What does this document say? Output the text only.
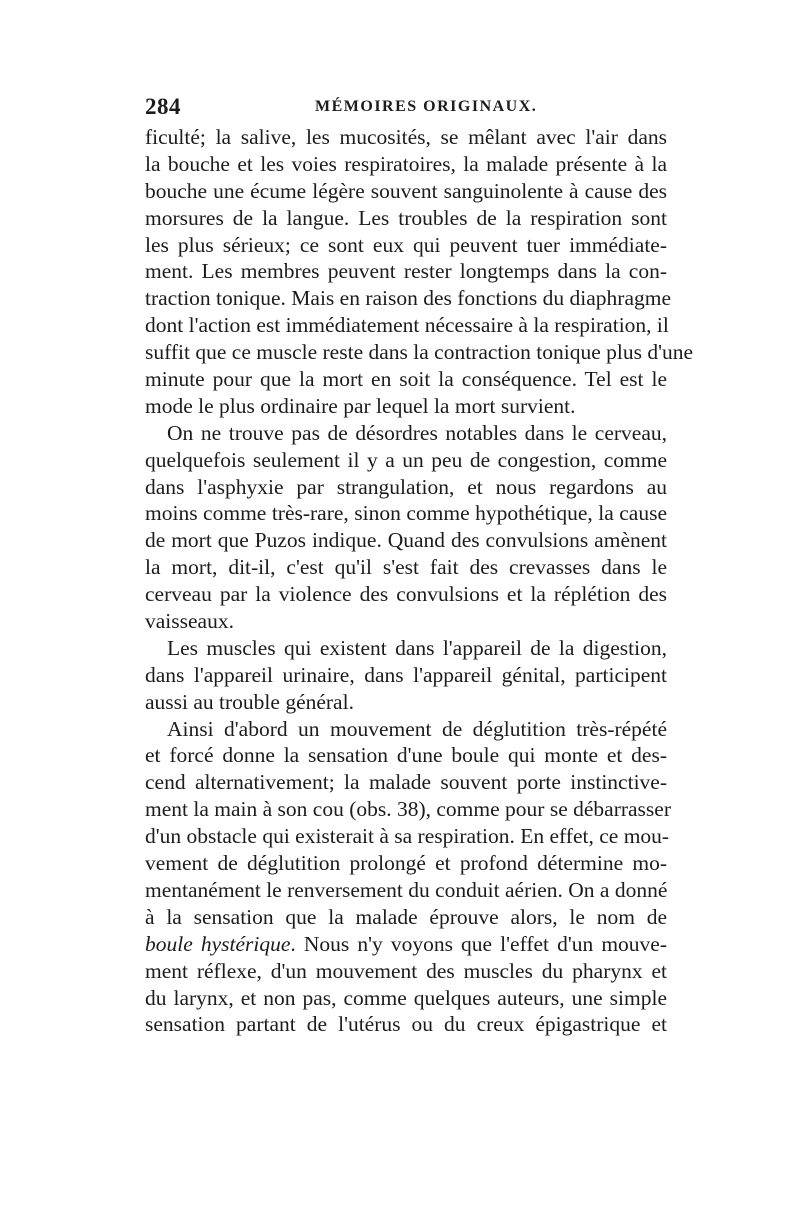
284	MÉMOIRES ORIGINAUX.
ficulté; la salive, les mucosités, se mêlant avec l'air dans
la bouche et les voies respiratoires, la malade présente à la
bouche une écume légère souvent sanguinolente à cause des
morsures de la langue. Les troubles de la respiration sont
les plus sérieux; ce sont eux qui peuvent tuer immédiate-
ment. Les membres peuvent rester longtemps dans la con-
traction tonique. Mais en raison des fonctions du diaphragme
dont l'action est immédiatement nécessaire à la respiration, il
suffit que ce muscle reste dans la contraction tonique plus d'une
minute pour que la mort en soit la conséquence. Tel est le
mode le plus ordinaire par lequel la mort survient.
On ne trouve pas de désordres notables dans le cerveau,
quelquefois seulement il y a un peu de congestion, comme
dans l'asphyxie par strangulation, et nous regardons au
moins comme très-rare, sinon comme hypothétique, la cause
de mort que Puzos indique. Quand des convulsions amènent
la mort, dit-il, c'est qu'il s'est fait des crevasses dans le
cerveau par la violence des convulsions et la réplétion des
vaisseaux.
Les muscles qui existent dans l'appareil de la digestion,
dans l'appareil urinaire, dans l'appareil génital, participent
aussi au trouble général.
Ainsi d'abord un mouvement de déglutition très-répété
et forcé donne la sensation d'une boule qui monte et des-
cend alternativement; la malade souvent porte instinctive-
ment la main à son cou (obs. 38), comme pour se débarrasser
d'un obstacle qui existerait à sa respiration. En effet, ce mou-
vement de déglutition prolongé et profond détermine mo-
mentanément le renversement du conduit aérien. On a donné
à la sensation que la malade éprouve alors, le nom de
boule hystérique. Nous n'y voyons que l'effet d'un mouve-
ment réflexe, d'un mouvement des muscles du pharynx et
du larynx, et non pas, comme quelques auteurs, une simple
sensation partant de l'utérus ou du creux épigastrique et
